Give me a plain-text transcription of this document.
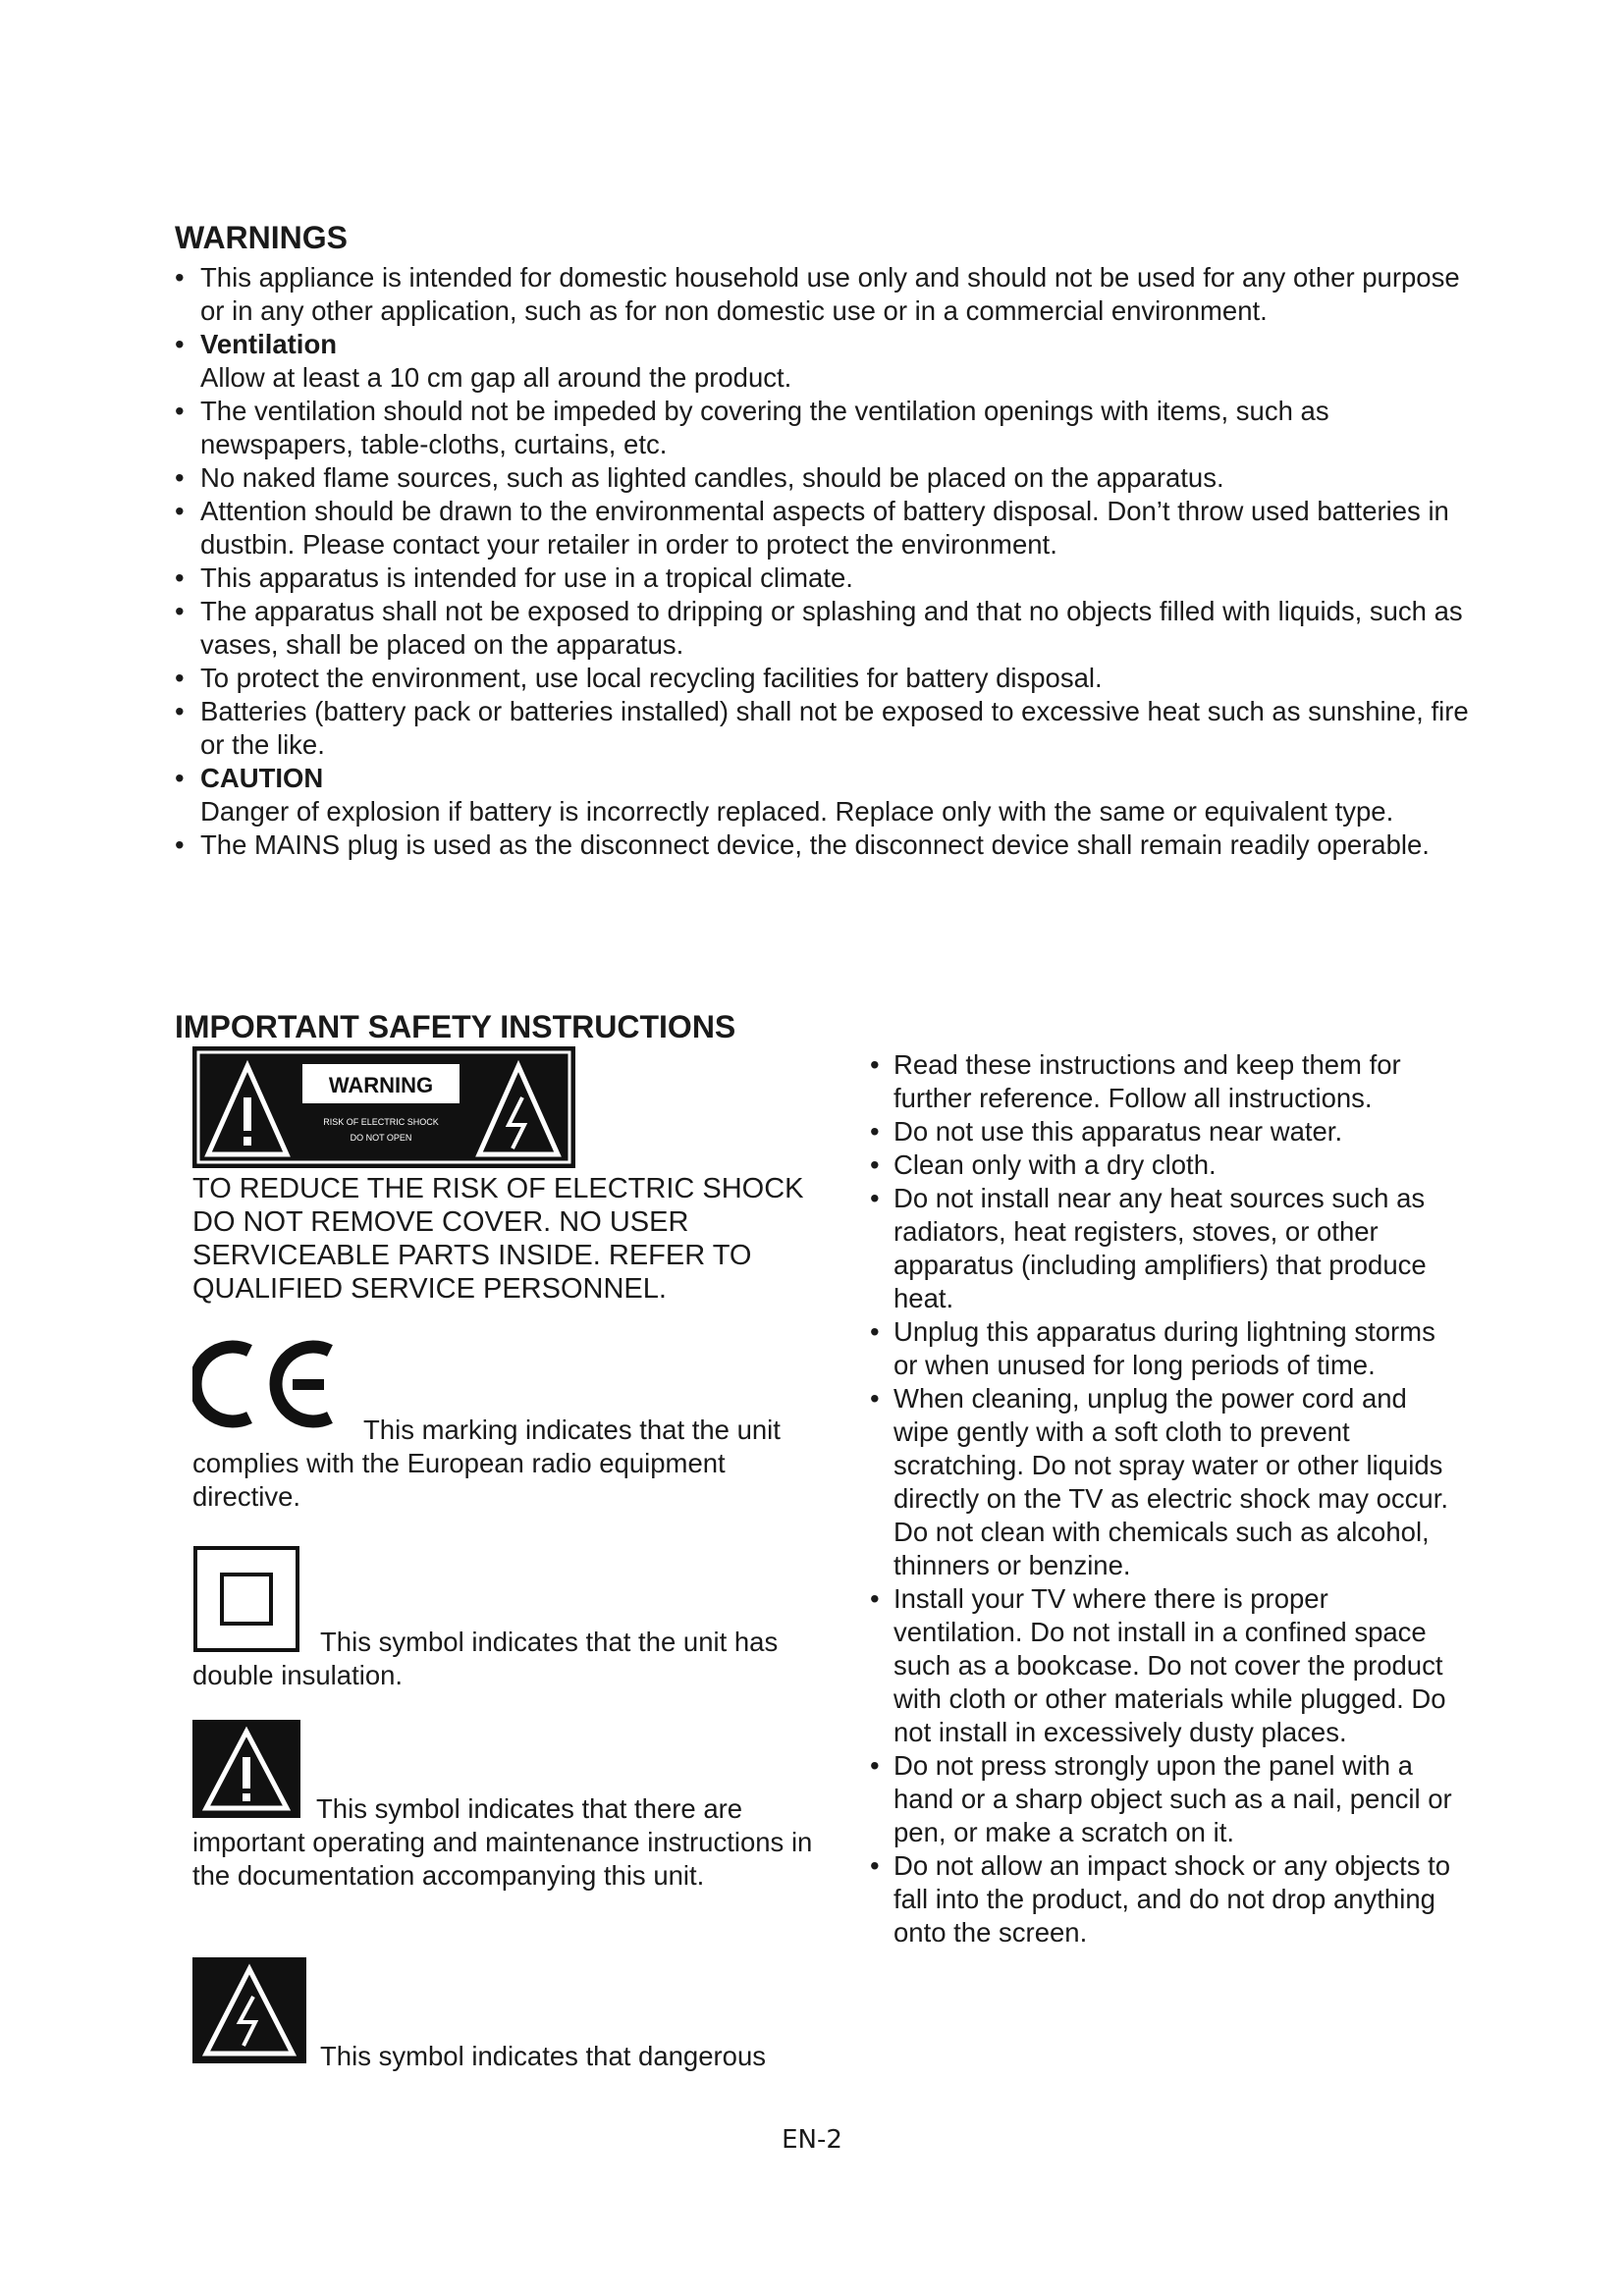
WARNINGS
• This appliance is intended for domestic household use only and should not be used for any other purpose or in any other application, such as for non domestic use or in a commercial environment.
• Ventilation
Allow at least a 10 cm gap all around the product.
• The ventilation should not be impeded by covering the ventilation openings with items, such as newspapers, table-cloths, curtains, etc.
• No naked flame sources, such as lighted candles, should be placed on the apparatus.
• Attention should be drawn to the environmental aspects of battery disposal. Don’t throw used batteries in dustbin. Please contact your retailer in order to protect the environment.
• This apparatus is intended for use in a tropical climate.
• The apparatus shall not be exposed to dripping or splashing and that no objects filled with liquids, such as vases, shall be placed on the apparatus.
• To protect the environment, use local recycling facilities for battery disposal.
• Batteries (battery pack or batteries installed) shall not be exposed to excessive heat such as sunshine, fire or the like.
• CAUTION
Danger of explosion if battery is incorrectly replaced. Replace only with the same or equivalent type.
• The MAINS plug is used as the disconnect device, the disconnect device shall remain readily operable.
IMPORTANT SAFETY INSTRUCTIONS
WARNING
RISK OF ELECTRIC SHOCK
DO NOT OPEN
TO REDUCE THE RISK OF ELECTRIC SHOCK DO NOT REMOVE COVER. NO USER SERVICEABLE PARTS INSIDE. REFER TO QUALIFIED SERVICE PERSONNEL.
This marking indicates that the unit complies with the European radio equipment directive.
This symbol indicates that the unit has double insulation.
This symbol indicates that there are important operating and maintenance instructions in the documentation accompanying this unit.
This symbol indicates that dangerous
• Read these instructions and keep them for further reference. Follow all instructions.
• Do not use this apparatus near water.
• Clean only with a dry cloth.
• Do not install near any heat sources such as radiators, heat registers, stoves, or other apparatus (including amplifiers) that produce heat.
• Unplug this apparatus during lightning storms or when unused for long periods of time.
• When cleaning, unplug the power cord and wipe gently with a soft cloth to prevent scratching. Do not spray water or other liquids directly on the TV as electric shock may occur. Do not clean with chemicals such as alcohol, thinners or benzine.
• Install your TV where there is proper ventilation. Do not install in a confined space such as a bookcase. Do not cover the product with cloth or other materials while plugged. Do not install in excessively dusty places.
• Do not press strongly upon the panel with a hand or a sharp object such as a nail, pencil or pen, or make a scratch on it.
• Do not allow an impact shock or any objects to fall into the product, and do not drop anything onto the screen.
EN-2
